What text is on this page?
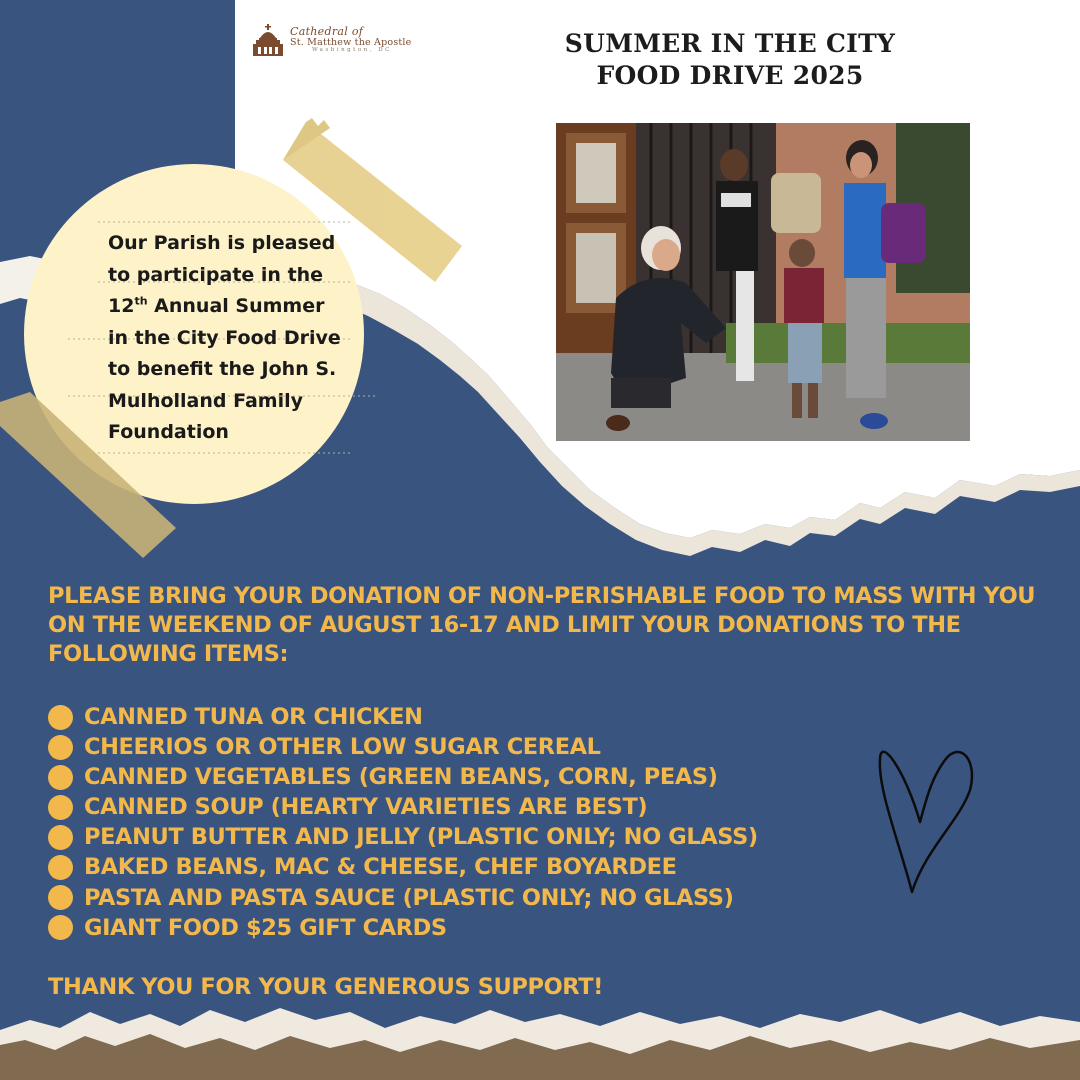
Cathedral of
St. Matthew the Apostle
Washington, DC	SUMMER IN THE CITY
FOOD DRIVE 2025
Our Parish is pleased
to participate in the
12th Annual Summer
in the City Food Drive
to benefit the John S.
Mulholland Family
Foundation
PLEASE BRING YOUR DONATION OF NON-PERISHABLE FOOD TO MASS WITH YOU ON THE WEEKEND OF AUGUST 16-17 AND LIMIT YOUR DONATIONS TO THE FOLLOWING ITEMS:
CANNED TUNA OR CHICKEN
CHEERIOS OR OTHER LOW SUGAR CEREAL
CANNED VEGETABLES (GREEN BEANS, CORN, PEAS)
CANNED SOUP (HEARTY VARIETIES ARE BEST)
PEANUT BUTTER AND JELLY (PLASTIC ONLY; NO GLASS)
BAKED BEANS, MAC & CHEESE, CHEF BOYARDEE
PASTA AND PASTA SAUCE (PLASTIC ONLY; NO GLASS)
GIANT FOOD $25 GIFT CARDS
THANK YOU FOR YOUR GENEROUS SUPPORT!
